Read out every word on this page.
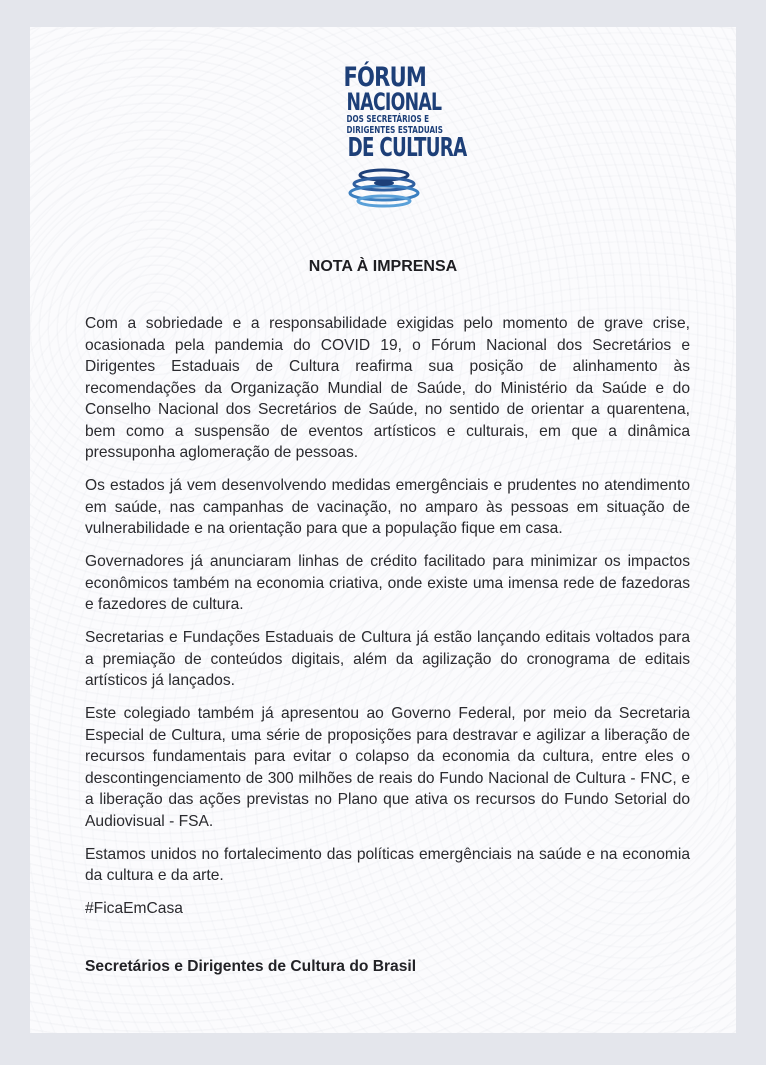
FÓRUM
NACIONAL
DOS SECRETÁRIOS E
DIRIGENTES ESTADUAIS
DE CULTURA
NOTA À IMPRENSA

Com a sobriedade e a responsabilidade exigidas pelo momento de grave crise, ocasionada pela pandemia do COVID 19, o Fórum Nacional dos Secretários e Dirigentes Estaduais de Cultura reafirma sua posição de alinhamento às recomendações da Organização Mundial de Saúde, do Ministério da Saúde e do Conselho Nacional dos Secretários de Saúde, no sentido de orientar a quarentena, bem como a suspensão de eventos artísticos e culturais, em que a dinâmica pressuponha aglomeração de pessoas.

Os estados já vem desenvolvendo medidas emergênciais e prudentes no atendimento em saúde, nas campanhas de vacinação, no amparo às pessoas em situação de vulnerabilidade e na orientação para que a população fique em casa.

Governadores já anunciaram linhas de crédito facilitado para minimizar os impactos econômicos também na economia criativa, onde existe uma imensa rede de fazedoras e fazedores de cultura.

Secretarias e Fundações Estaduais de Cultura já estão lançando editais voltados para a premiação de conteúdos digitais, além da agilização do cronograma de editais artísticos já lançados.

Este colegiado também já apresentou ao Governo Federal, por meio da Secretaria Especial de Cultura, uma série de proposições para destravar e agilizar a liberação de recursos fundamentais para evitar o colapso da economia da cultura, entre eles o descontingenciamento de 300 milhões de reais do Fundo Nacional de Cultura - FNC, e a liberação das ações previstas no Plano que ativa os recursos do Fundo Setorial do Audiovisual - FSA.

Estamos unidos no fortalecimento das políticas emergênciais na saúde e na economia da cultura e da arte.

#FicaEmCasa

Secretários e Dirigentes de Cultura do Brasil
